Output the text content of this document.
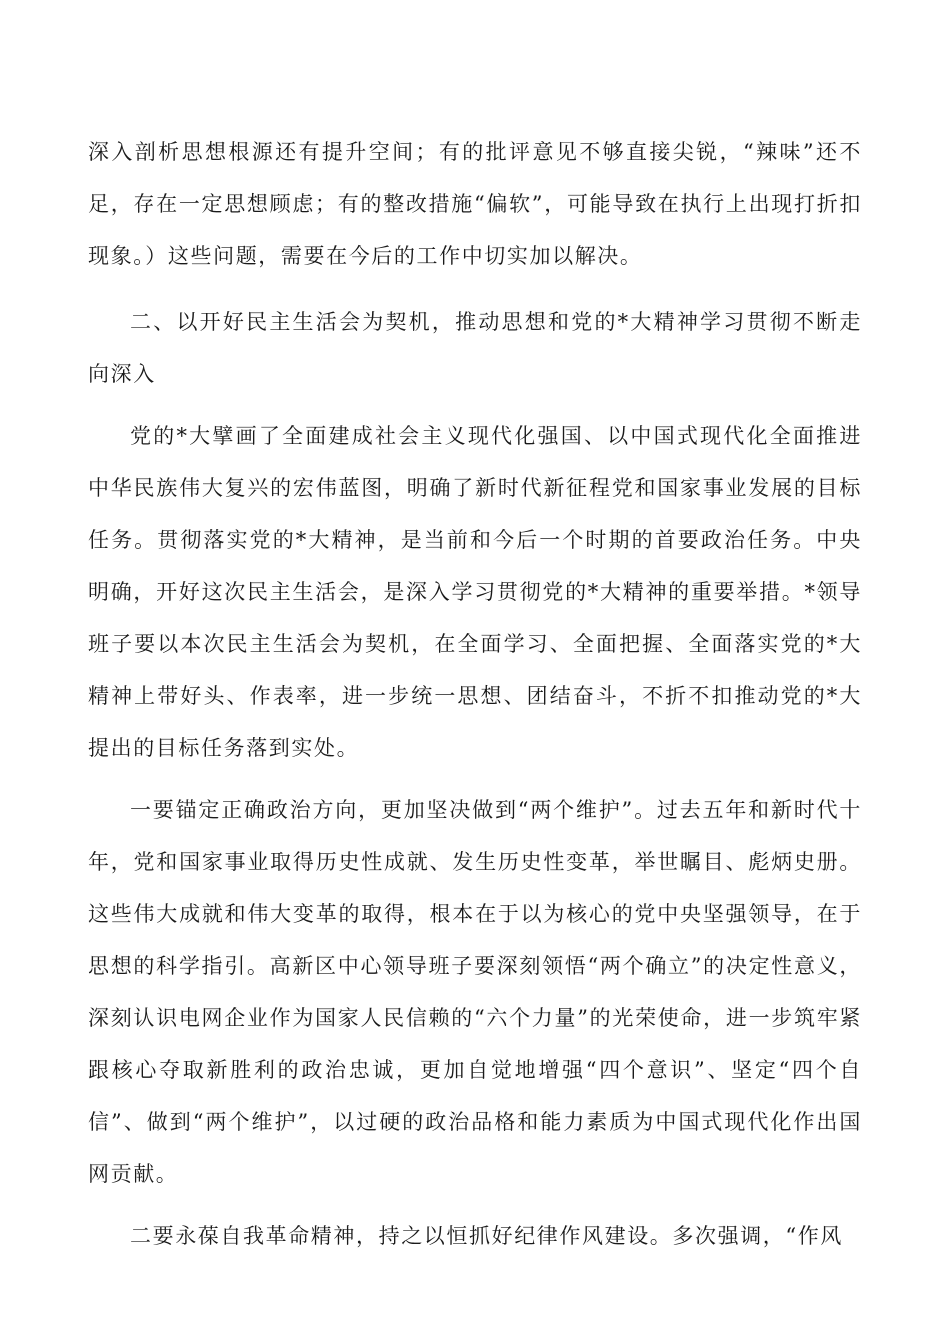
深入剖析思想根源还有提升空间；有的批评意见不够直接尖锐，“辣味”还不足，存在一定思想顾虑；有的整改措施“偏软”，可能导致在执行上出现打折扣现象。）这些问题，需要在今后的工作中切实加以解决。

二、以开好民主生活会为契机，推动思想和党的*大精神学习贯彻不断走向深入

党的*大擘画了全面建成社会主义现代化强国、以中国式现代化全面推进中华民族伟大复兴的宏伟蓝图，明确了新时代新征程党和国家事业发展的目标任务。贯彻落实党的*大精神，是当前和今后一个时期的首要政治任务。中央明确，开好这次民主生活会，是深入学习贯彻党的*大精神的重要举措。*领导班子要以本次民主生活会为契机，在全面学习、全面把握、全面落实党的*大精神上带好头、作表率，进一步统一思想、团结奋斗，不折不扣推动党的*大提出的目标任务落到实处。

一要锚定正确政治方向，更加坚决做到“两个维护”。过去五年和新时代十年，党和国家事业取得历史性成就、发生历史性变革，举世瞩目、彪炳史册。这些伟大成就和伟大变革的取得，根本在于以为核心的党中央坚强领导，在于思想的科学指引。高新区中心领导班子要深刻领悟“两个确立”的决定性意义，深刻认识电网企业作为国家人民信赖的“六个力量”的光荣使命，进一步筑牢紧跟核心夺取新胜利的政治忠诚，更加自觉地增强“四个意识”、坚定“四个自信”、做到“两个维护”，以过硬的政治品格和能力素质为中国式现代化作出国网贡献。

二要永葆自我革命精神，持之以恒抓好纪律作风建设。多次强调，“作风
